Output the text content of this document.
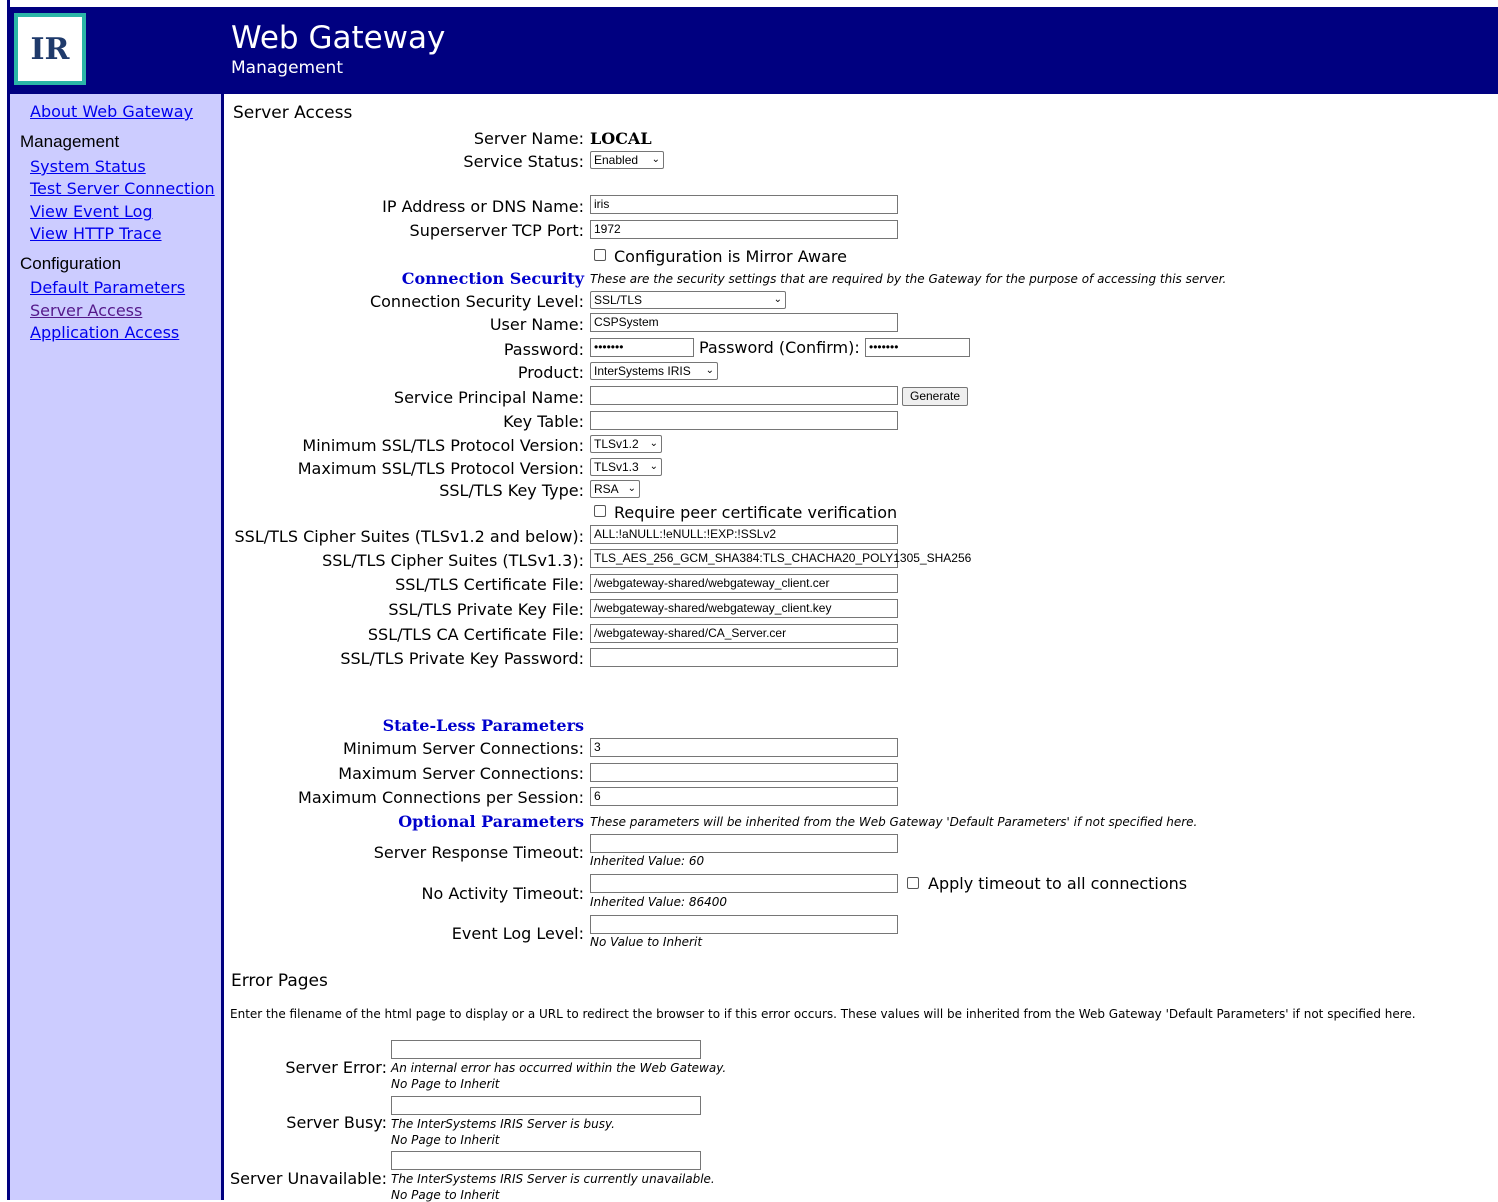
IR	Web Gateway
Management
About Web Gateway
Management
System Status
Test Server Connection
View Event Log
View HTTP Trace
Configuration
Default Parameters
Server Access
Application Access
Server Access
Server Name: LOCAL
Service Status: Enabled ⌄
IP Address or DNS Name: iris
Superserver TCP Port: 1972
Configuration is Mirror Aware
Connection Security These are the security settings that are required by the Gateway for the purpose of accessing this server.
Connection Security Level: SSL/TLS	⌄
User Name: CSPSystem
Password: •••••••	Password (Confirm): •••••••
Product: InterSystems IRIS ⌄
Service Principal Name:	Generate
Key Table:
Minimum SSL/TLS Protocol Version: TLSv1.2 ⌄
Maximum SSL/TLS Protocol Version: TLSv1.3 ⌄
SSL/TLS Key Type: RSA ⌄
Require peer certificate verification
SSL/TLS Cipher Suites (TLSv1.2 and below): ALL:!aNULL:!eNULL:!EXP:!SSLv2
SSL/TLS Cipher Suites (TLSv1.3): TLS_AES_256_GCM_SHA384:TLS_CHACHA20_POLY1305_SHA256
SSL/TLS Certificate File: /webgateway-shared/webgateway_client.cer
SSL/TLS Private Key File: /webgateway-shared/webgateway_client.key
SSL/TLS CA Certificate File: /webgateway-shared/CA_Server.cer
SSL/TLS Private Key Password:
State-Less Parameters
Minimum Server Connections: 3
Maximum Server Connections:
Maximum Connections per Session: 6
Optional Parameters These parameters will be inherited from the Web Gateway 'Default Parameters' if not specified here.
Server Response Timeout: Inherited Value: 60
No Activity Timeout: Inherited Value: 86400
Apply timeout to all connections
Event Log Level: No Value to Inherit
Error Pages
Enter the filename of the html page to display or a URL to redirect the browser to if this error occurs. These values will be inherited from the Web Gateway 'Default Parameters' if not specified here.
Server Error: An internal error has occurred within the Web Gateway.
No Page to Inherit
Server Busy: The InterSystems IRIS Server is busy.
No Page to Inherit
Server Unavailable: The InterSystems IRIS Server is currently unavailable.
No Page to Inherit
